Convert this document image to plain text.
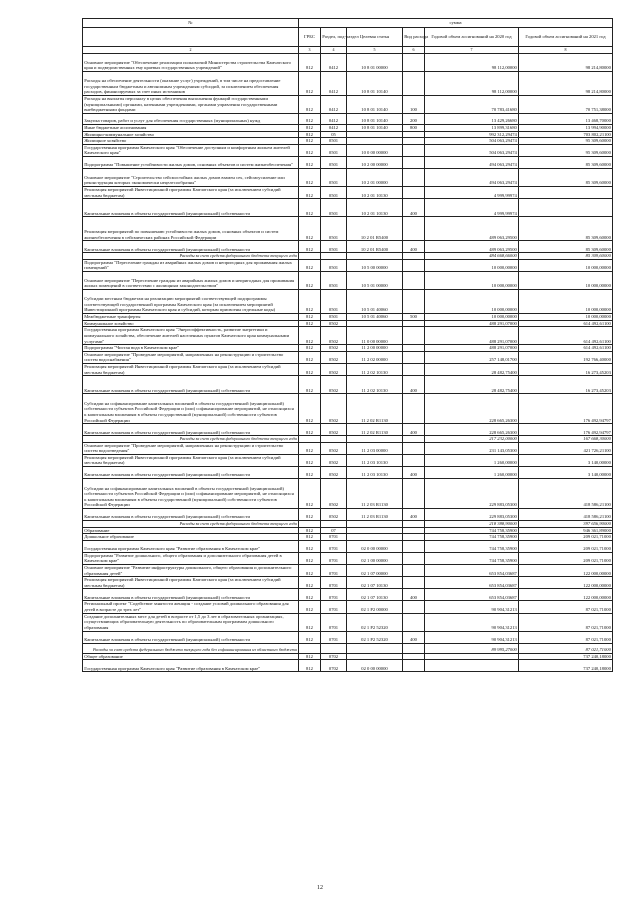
№	сумма					
	ГРБС	Раздел, под-раздел	Целевая статья	Вид расхода	Годовой объем ассигнований на 2020 год	Годовой объем ассигнований на 2021 год
2	3	4	5	6	7	8
Основное мероприятие "Обеспечение реализации полномочий Министерства строительства Камчатского края и подведомственных ему краевых государственных учреждений"	812	0412	10 8 01 00000		98 112,00000	98 214,80000
Расходы на обеспечение деятельности (оказание услуг) учреждений, в том числе на предоставление государственным бюджетным и автономным учреждениям субсидий, за исключением обеспечения расходов, финансируемых за счет иных источников	812	0412	10 8 01 10140		98 112,00000	98 214,80000
Расходы на выплаты персоналу в целях обеспечения выполнения функций государственными (муниципальными) органами, казенными учреждениями, органами управления государственными внебюджетными фондами	812	0412	10 8 01 10140	100	70 783,41680	70 751,38000
Закупка товаров, работ и услуг для обеспечения государственных (муниципальных) нужд	812	0412	10 8 01 10140	200	13 429,26680	13 468,70000
Иные бюджетные ассигнования	812	0412	10 8 01 10140	800	13 899,31680	13 994,90000
Жилищно-коммунальное хозяйство	812	05			992 312,29474	703 802,21100
Жилищное хозяйство	812	0501			504 063,29474	95 309,60000
Государственная программа Камчатского края "Обеспечение доступным и комфортным жильем жителей Камчатского края"	812	0501	10 0 00 00000		504 063,29474	95 309,60000
Подпрограмма "Повышение устойчивости жилых домов, основных объектов и систем жизнеобеспечения"	812	0501	10 2 00 00000		494 063,29474	85 309,60000
Основное мероприятие "Строительство сейсмостойких жилых домов взамен сех, сейсмоусиление или реконструкция которых экономически нецелесообразны"	812	0501	10 2 01 00000		494 063,29474	85 309,60000
Реализация мероприятий Инвестиционной программы Камчатского края (за исключением субсидий местным бюджетам)	812	0501	10 2 01 10130		4 999,99974	
Капитальные вложения в объекты государственной (муниципальной) собственности	812	0501	10 2 01 10130	400	4 999,99974	
Реализация мероприятий по повышению устойчивости жилых домов, основных объектов и систем жизнеобеспечения в сейсмических районах Российской Федерации	812	0501	10 2 01 R5400		489 063,29500	85 309,60000
Капитальные вложения в объекты государственной (муниципальной) собственности	812	0501	10 2 01 R5400	400	489 063,29500	85 309,60000
Расходы за счет средств федерального бюджета текущего года					484 668,66000	85 309,60000
Подпрограмма "Переселение граждан из аварийных жилых домов и непригодных для проживания жилых помещений"	812	0501	10 5 00 00000		10 000,00000	10 000,00000
Основное мероприятие "Переселение граждан из аварийных жилых домов и непригодных для проживания жилых помещений в соответствии с жилищным законодательством"	812	0501	10 5 01 00000		10 000,00000	10 000,00000
Субсидии местным бюджетам на реализацию мероприятий соответствующей подпрограммы соответствующей государственной программы Камчатского края (за исключением мероприятий Инвестиционной программы Камчатского края и субсидий, которым присвоены отдельные коды)	812	0501	10 5 01 40060		10 000,00000	10 000,00000
Межбюджетные трансферты	812	0501	10 5 01 40060	500	10 000,00000	10 000,00000
Коммунальное хозяйство	812	0502			488 291,07000	614 492,61100
Государственная программа Камчатского края "Энергоэффективность, развитие энергетики и коммунального хозяйства, обеспечение жителей населенных пунктов Камчатского края коммунальными услугами"	812	0502	11 0 00 00000		488 291,07000	614 492,61100
Подпрограмма "Чистая вода в Камчатском крае"	812	0502	11 2 00 00000		488 291,07000	614 492,61100
Основное мероприятие "Проведение мероприятий, направленных на реконструкцию и строительство систем водоснабжения"	812	0502	11 2 02 00000		257 148,01700	192 766,40000
Реализация мероприятий Инвестиционной программы Камчатского края (за исключением субсидий местным бюджетам)	812	0502	11 2 02 10130		28 482,75400	16 273,45203
Капитальные вложения в объекты государственной (муниципальной) собственности	812	0502	11 2 02 10130	400	28 482,75400	16 273,45203
Субсидии на софинансирование капитальных вложений в объекты государственной (муниципальной) собственности субъектов Российской Федерации и (или) софинансирование мероприятий, не относящихся к капитальным вложениям в объекты государственной (муниципальной) собственности субъектов Российской Федерации	812	0502	11 2 02 R1130		228 665,26300	176 492,94797
Капитальные вложения в объекты государственной (муниципальной) собственности	812	0502	11 2 02 R1130	400	228 665,26300	176 492,94797
Расходы за счет средств федерального бюджета текущего года					217 232,00000	167 668,30000
Основное мероприятие "Проведение мероприятий, направленных на реконструкцию и строительство систем водоотведения"	812	0502	11 2 03 00000		231 143,05300	421 726,21100
Реализация мероприятий Инвестиционной программы Камчатского края (за исключением субсидий местным бюджетам)	812	0502	11 2 03 10130		1 260,00000	3 140,00000
Капитальные вложения в объекты государственной (муниципальной) собственности	812	0502	11 2 03 10130	400	1 260,00000	3 140,00000
Субсидии на софинансирование капитальных вложений в объекты государственной (муниципальной) собственности субъектов Российской Федерации и (или) софинансирование мероприятий, не относящихся к капитальным вложениям в объекты государственной (муниципальной) собственности субъектов Российской Федерации	812	0502	11 2 03 R1130		229 883,05300	418 586,21100
Капитальные вложения в объекты государственной (муниципальной) собственности	812	0502	11 2 03 R1130	400	229 883,05300	418 586,21100
Расходы за счет средств федерального бюджета текущего года					218 388,90000	397 656,90000
Образование	812	07			744 758,35900	946 361,89000
Дошкольное образование	812	0701			744 758,35900	209 021,71000
Государственная программа Камчатского края "Развитие образования в Камчатском крае"	812	0701	02 0 00 00000		744 758,35900	209 021,71000
Подпрограмма "Развитие дошкольного, общего образования и дополнительного образования детей в Камчатском крае"	812	0701	02 1 00 00000		744 758,35900	209 021,71000
Основное мероприятие "Развитие инфраструктуры дошкольного, общего образования и дополнительного образования детей"	812	0701	02 1 07 00000		653 854,03687	122 000,00000
Реализация мероприятий Инвестиционной программы Камчатского края (за исключением субсидий местным бюджетам)	812	0701	02 1 07 10130		653 854,03687	122 000,00000
Капитальные вложения в объекты государственной (муниципальной) собственности	812	0701	02 1 07 10130	400	653 854,03687	122 000,00000
Региональный проект "Содействие занятости женщин - создание условий дошкольного образования для детей в возрасте до трех лет"	812	0701	02 1 P2 00000		90 904,31213	87 021,71000
Создание дополнительных мест для детей в возрасте от 1,5 до 3 лет в образовательных организациях, осуществляющих образовательную деятельность по образовательным программам дошкольного образования	812	0701	02 1 P2 52320		90 904,31213	87 021,71000
Капитальные вложения в объекты государственной (муниципальной) собственности	812	0701	02 1 P2 52320	400	90 904,31213	87 021,71000
Расходы за счет средств федерального бюджета текущего года без софинансирования из областного бюджета					89 995,27000	87 021,71000
Общее образование	812	0702				737 240,18000
Государственная программа Камчатского края "Развитие образования в Камчатском крае"	812	0702	02 0 00 00000			737 240,18000
12
